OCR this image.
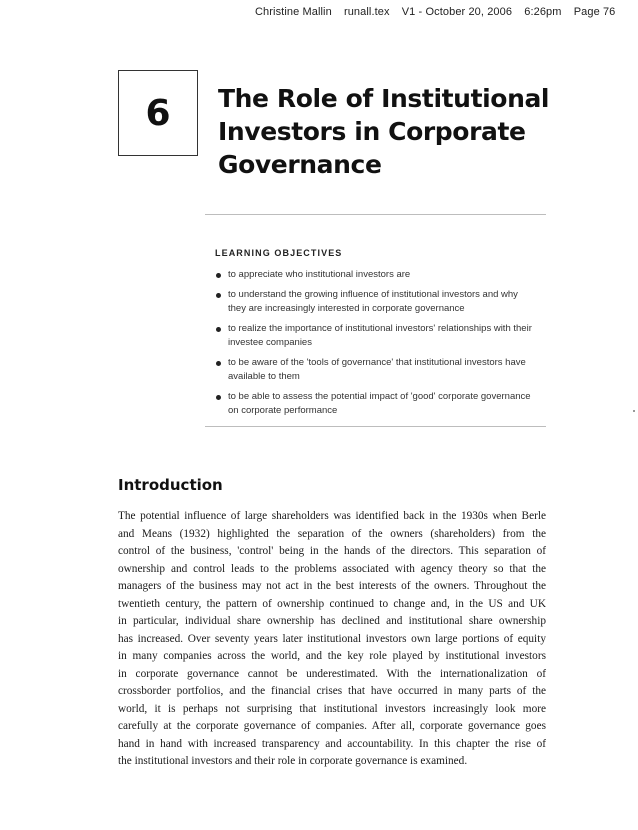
Christine Mallin runall.tex V1 - October 20, 2006 6:26pm Page 76
6 The Role of Institutional
Investors in Corporate
Governance
LEARNING OBJECTIVES
to appreciate who institutional investors are
to understand the growing influence of institutional investors and why
they are increasingly interested in corporate governance
to realize the importance of institutional investors' relationships with their
investee companies
to be aware of the 'tools of governance' that institutional investors have
available to them
to be able to assess the potential impact of 'good' corporate governance
on corporate performance
Introduction
The potential influence of large shareholders was identified back in the 1930s when Berle
and Means (1932) highlighted the separation of the owners (shareholders) from the
control of the business, 'control' being in the hands of the directors. This separation of
ownership and control leads to the problems associated with agency theory so that the
managers of the business may not act in the best interests of the owners. Throughout the
twentieth century, the pattern of ownership continued to change and, in the US and UK
in particular, individual share ownership has declined and institutional share ownership
has increased. Over seventy years later institutional investors own large portions of equity
in many companies across the world, and the key role played by institutional investors
in corporate governance cannot be underestimated. With the internationalization of
crossborder portfolios, and the financial crises that have occurred in many parts of the
world, it is perhaps not surprising that institutional investors increasingly look more
carefully at the corporate governance of companies. After all, corporate governance goes
hand in hand with increased transparency and accountability. In this chapter the rise of
the institutional investors and their role in corporate governance is examined.
